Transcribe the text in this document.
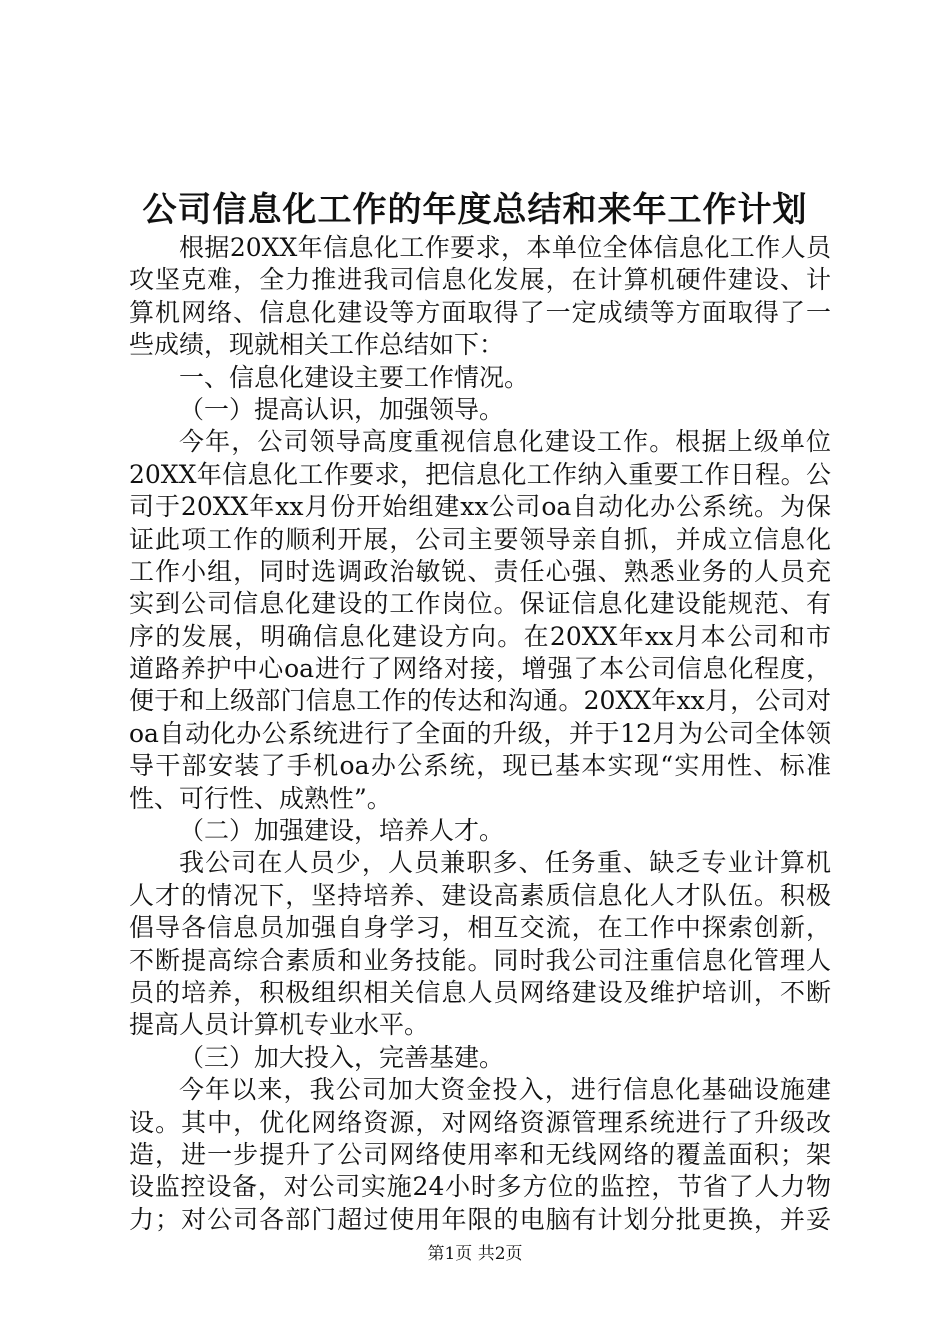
公司信息化工作的年度总结和来年工作计划
根据20XX年信息化工作要求，本单位全体信息化工作人员
攻坚克难，全力推进我司信息化发展，在计算机硬件建设、计
算机网络、信息化建设等方面取得了一定成绩等方面取得了一
些成绩，现就相关工作总结如下：
一、信息化建设主要工作情况。
（一）提高认识，加强领导。
今年，公司领导高度重视信息化建设工作。根据上级单位
20XX年信息化工作要求，把信息化工作纳入重要工作日程。公
司于20XX年xx月份开始组建xx公司oa自动化办公系统。为保
证此项工作的顺利开展，公司主要领导亲自抓，并成立信息化
工作小组，同时选调政治敏锐、责任心强、熟悉业务的人员充
实到公司信息化建设的工作岗位。保证信息化建设能规范、有
序的发展，明确信息化建设方向。在20XX年xx月本公司和市
道路养护中心oa进行了网络对接，增强了本公司信息化程度，
便于和上级部门信息工作的传达和沟通。20XX年xx月，公司对
oa自动化办公系统进行了全面的升级，并于12月为公司全体领
导干部安装了手机oa办公系统，现已基本实现“实用性、标准
性、可行性、成熟性”。
（二）加强建设，培养人才。
我公司在人员少，人员兼职多、任务重、缺乏专业计算机
人才的情况下，坚持培养、建设高素质信息化人才队伍。积极
倡导各信息员加强自身学习，相互交流，在工作中探索创新，
不断提高综合素质和业务技能。同时我公司注重信息化管理人
员的培养，积极组织相关信息人员网络建设及维护培训，不断
提高人员计算机专业水平。
（三）加大投入，完善基建。
今年以来，我公司加大资金投入，进行信息化基础设施建
设。其中，优化网络资源，对网络资源管理系统进行了升级改
造，进一步提升了公司网络使用率和无线网络的覆盖面积；架
设监控设备，对公司实施24小时多方位的监控，节省了人力物
力；对公司各部门超过使用年限的电脑有计划分批更换，并妥
第1页 共2页
